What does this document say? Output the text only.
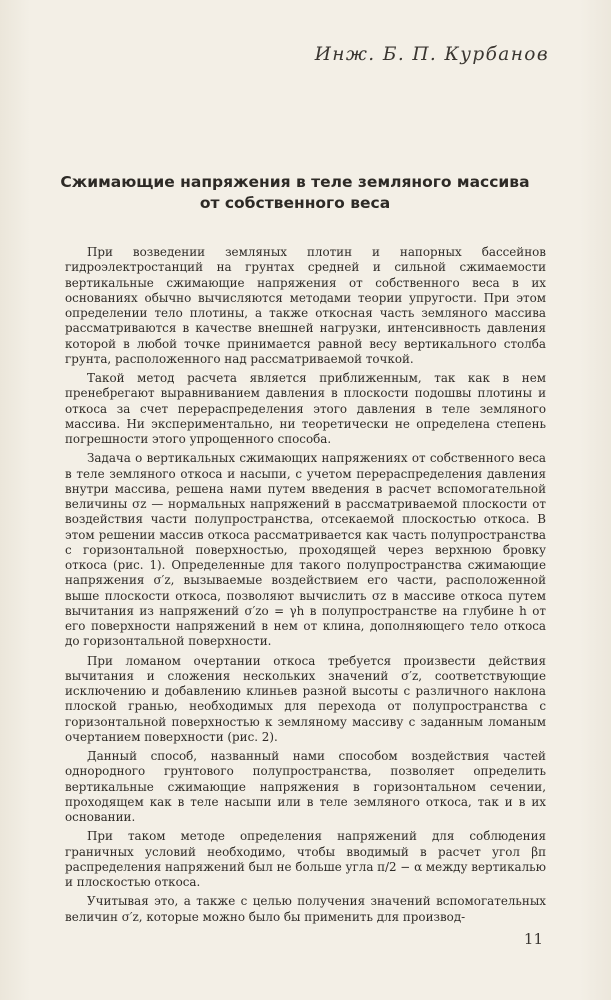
Инж. Б. П. Курбанов
Сжимающие напряжения в теле земляного массива
от собственного веса

При возведении земляных плотин и напорных бассейнов гидроэлектростанций на грунтах средней и сильной сжимаемости вертикальные сжимающие напряжения от собственного веса в их основаниях обычно вычисляются методами теории упругости. При этом определении тело плотины, а также откосная часть земляного массива рассматриваются в качестве внешней нагрузки, интенсивность давления которой в любой точке принимается равной весу вертикального столба грунта, расположенного над рассматриваемой точкой.

Такой метод расчета является приближенным, так как в нем пренебрегают выравниванием давления в плоскости подошвы плотины и откоса за счет перераспределения этого давления в теле земляного массива. Ни экспериментально, ни теоретически не определена степень погрешности этого упрощенного способа.

Задача о вертикальных сжимающих напряжениях от собственного веса в теле земляного откоса и насыпи, с учетом перераспределения давления внутри массива, решена нами путем введения в расчет вспомогательной величины σz — нормальных напряжений в рассматриваемой плоскости от воздействия части полупространства, отсекаемой плоскостью откоса. В этом решении массив откоса рассматривается как часть полупространства с горизонтальной поверхностью, проходящей через верхнюю бровку откоса (рис. 1). Определенные для такого полупространства сжимающие напряжения σ′z, вызываемые воздействием его части, расположенной выше плоскости откоса, позволяют вычислить σz в массиве откоса путем вычитания из напряжений σ′zo = γh в полупространстве на глубине h от его поверхности напряжений в нем от клина, дополняющего тело откоса до горизонтальной поверхности.

При ломаном очертании откоса требуется произвести действия вычитания и сложения нескольких значений σ′z, соответствующие исключению и добавлению клиньев разной высоты с различного наклона плоской гранью, необходимых для перехода от полупространства с горизонтальной поверхностью к земляному массиву с заданным ломаным очертанием поверхности (рис. 2).

Данный способ, названный нами способом воздействия частей однородного грунтового полупространства, позволяет определить вертикальные сжимающие напряжения в горизонтальном сечении, проходящем как в теле насыпи или в теле земляного откоса, так и в их основании.

При таком методе определения напряжений для соблюдения граничных условий необходимо, чтобы вводимый в расчет угол βп распределения напряжений был не больше угла π/2 − α между вертикалью и плоскостью откоса.

Учитывая это, а также с целью получения значений вспомогательных величин σ′z, которые можно было бы применить для производ-

11
